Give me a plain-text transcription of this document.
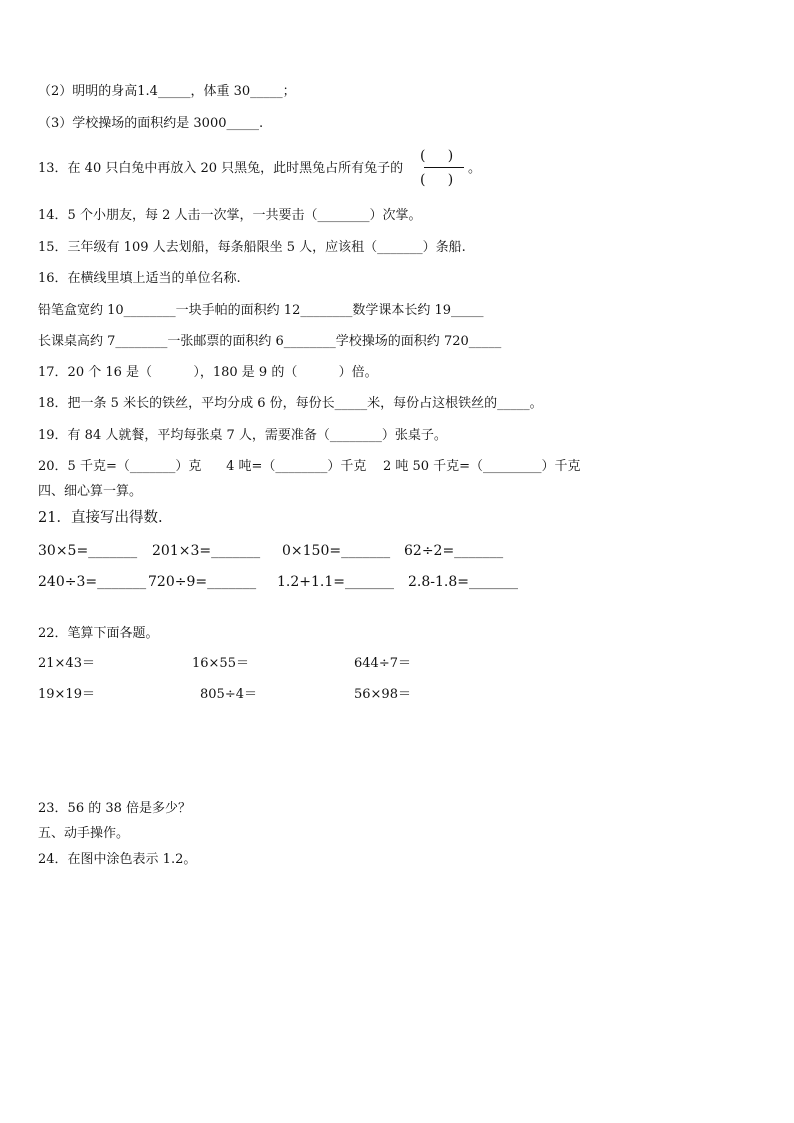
（2）明明的身高1.4_____，体重 30_____；
（3）学校操场的面积约是 3000_____.
13．在 40 只白兔中再放入 20 只黑兔，此时黑兔占所有兔子的
(     )
(     )
。
14．5 个小朋友，每 2 人击一次掌，一共要击（________）次掌。
15．三年级有 109 人去划船，每条船限坐 5 人，应该租（_______）条船.
16．在横线里填上适当的单位名称.
铅笔盒宽约 10________一块手帕的面积约 12________数学课本长约 19_____
长课桌高约 7________一张邮票的面积约 6________学校操场的面积约 720_____
17．20 个 16 是（          ），180 是 9 的（          ）倍。
18．把一条 5 米长的铁丝，平均分成 6 份，每份长_____米，每份占这根铁丝的_____。
19．有 84 人就餐，平均每张桌 7 人，需要准备（________）张桌子。
20．5 千克=（_______）克      4 吨=（________）千克    2 吨 50 千克=（_________）千克
四、细心算一算。
21．直接写出得数.
30×5=_______ 201×3=_______ 0×150=_______ 62÷2=_______
240÷3=_______ 720÷9=_______ 1.2+1.1=_______ 2.8-1.8=_______
22．笔算下面各题。
21×43＝	16×55＝	644÷7＝
19×19＝	805÷4＝	56×98＝
23．56 的 38 倍是多少？
五、动手操作。
24．在图中涂色表示 1.2。
